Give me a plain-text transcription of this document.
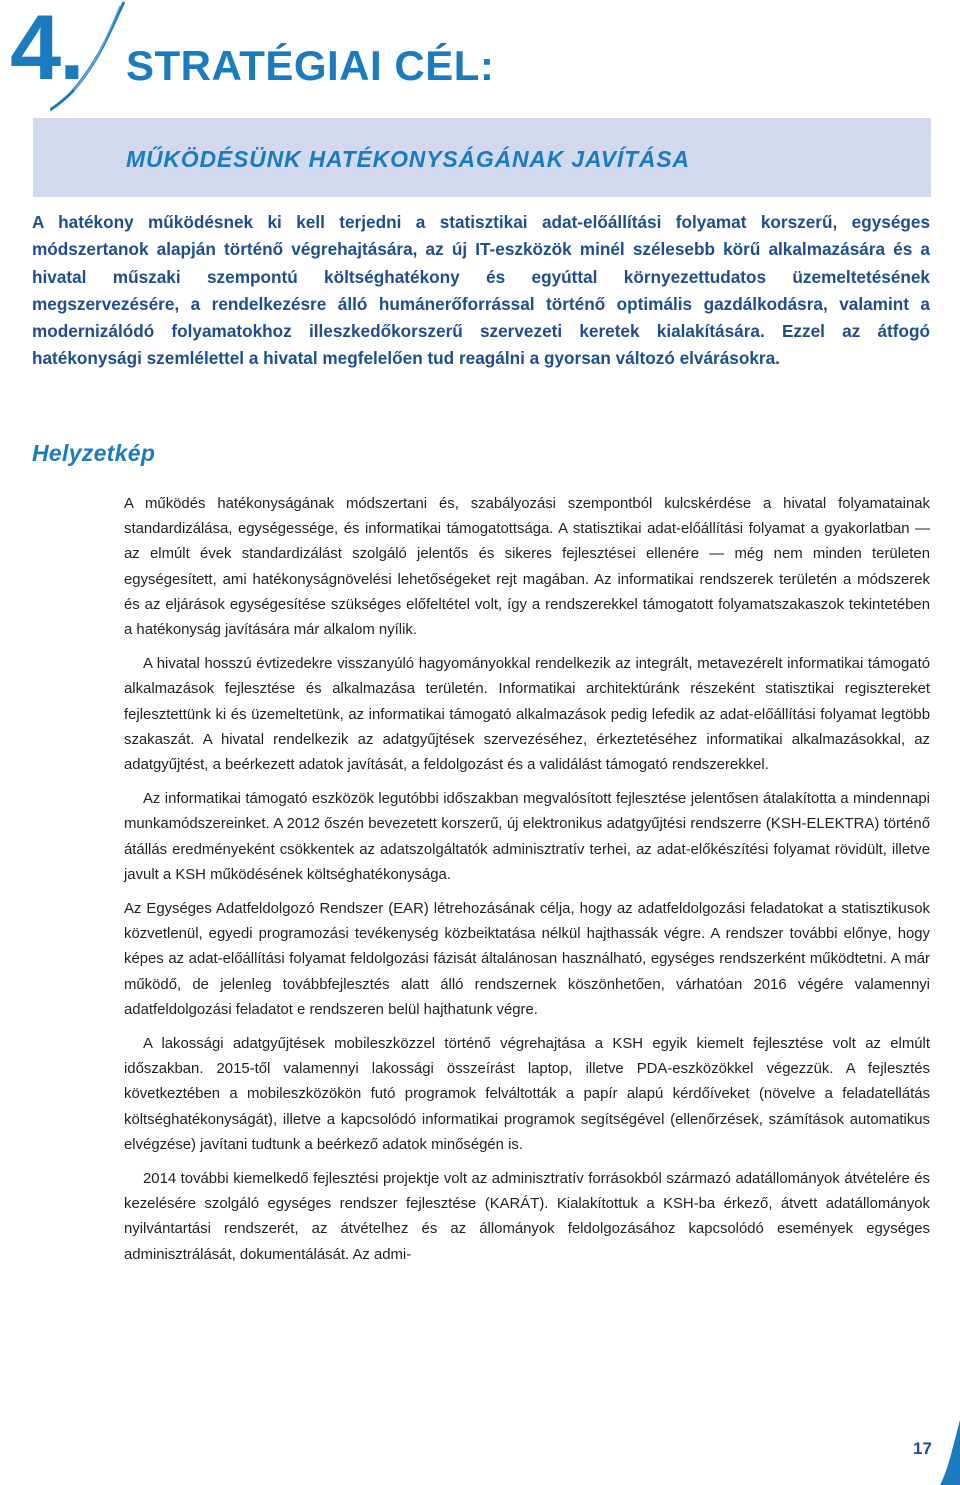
4. STRATÉGIAI CÉL:
MŰKÖDÉSÜNK HATÉKONYSÁGÁNAK JAVÍTÁSA

A hatékony működésnek ki kell terjedni a statisztikai adat-előállítási folyamat korszerű, egységes módszertanok alapján történő végrehajtására, az új IT-eszközök minél szélesebb körű alkalmazására és a hivatal műszaki szempontú költséghatékony és egyúttal környezettudatos üzemeltetésének megszervezésére, a rendelkezésre álló humánerőforrással történő optimális gazdálkodásra, valamint a modernizálódó folyamatokhoz illeszkedőkorszerű szervezeti keretek kialakítására. Ezzel az átfogó hatékonysági szemlélettel a hivatal megfelelően tud reagálni a gyorsan változó elvárásokra.

Helyzetkép

A működés hatékonyságának módszertani és, szabályozási szempontból kulcskérdése a hivatal folyamatainak standardizálása, egységessége, és informatikai támogatottsága. A statisztikai adat-előállítási folyamat a gyakorlatban — az elmúlt évek standardizálást szolgáló jelentős és sikeres fejlesztései ellenére — még nem minden területen egységesített, ami hatékonyságnövelési lehetőségeket rejt magában. Az informatikai rendszerek területén a módszerek és az eljárások egységesítése szükséges előfeltétel volt, így a rendszerekkel támogatott folyamatszakaszok tekintetében a hatékonyság javítására már alkalom nyílik.

A hivatal hosszú évtizedekre visszanyúló hagyományokkal rendelkezik az integrált, metavezérelt informatikai támogató alkalmazások fejlesztése és alkalmazása területén. Informatikai architektúránk részeként statisztikai regisztereket fejlesztettünk ki és üzemeltetünk, az informatikai támogató alkalmazások pedig lefedik az adat-előállítási folyamat legtöbb szakaszát. A hivatal rendelkezik az adatgyűjtések szervezéséhez, érkeztetéséhez informatikai alkalmazásokkal, az adatgyűjtést, a beérkezett adatok javítását, a feldolgozást és a validálást támogató rendszerekkel.

Az informatikai támogató eszközök legutóbbi időszakban megvalósított fejlesztése jelentősen átalakította a mindennapi munkamódszereinket. A 2012 őszén bevezetett korszerű, új elektronikus adatgyűjtési rendszerre (KSH-ELEKTRA) történő átállás eredményeként csökkentek az adatszolgáltatók adminisztratív terhei, az adat-előkészítési folyamat rövidült, illetve javult a KSH működésének költséghatékonysága.

Az Egységes Adatfeldolgozó Rendszer (EAR) létrehozásának célja, hogy az adatfeldolgozási feladatokat a statisztikusok közvetlenül, egyedi programozási tevékenység közbeiktatása nélkül hajthassák végre. A rendszer további előnye, hogy képes az adat-előállítási folyamat feldolgozási fázisát általánosan használható, egységes rendszerként működtetni. A már működő, de jelenleg továbbfejlesztés alatt álló rendszernek köszönhetően, várhatóan 2016 végére valamennyi adatfeldolgozási feladatot e rendszeren belül hajthatunk végre.

A lakossági adatgyűjtések mobileszközzel történő végrehajtása a KSH egyik kiemelt fejlesztése volt az elmúlt időszakban. 2015-től valamennyi lakossági összeírást laptop, illetve PDA-eszközökkel végezzük. A fejlesztés következtében a mobileszközökön futó programok felváltották a papír alapú kérdőíveket (növelve a feladatellátás költséghatékonyságát), illetve a kapcsolódó informatikai programok segítségével (ellenőrzések, számítások automatikus elvégzése) javítani tudtunk a beérkező adatok minőségén is.

2014 további kiemelkedő fejlesztési projektje volt az adminisztratív forrásokból származó adatállományok átvételére és kezelésére szolgáló egységes rendszer fejlesztése (KARÁT). Kialakítottuk a KSH-ba érkező, átvett adatállományok nyilvántartási rendszerét, az átvételhez és az állományok feldolgozásához kapcsolódó események egységes adminisztrálását, dokumentálását. Az admi-

17
